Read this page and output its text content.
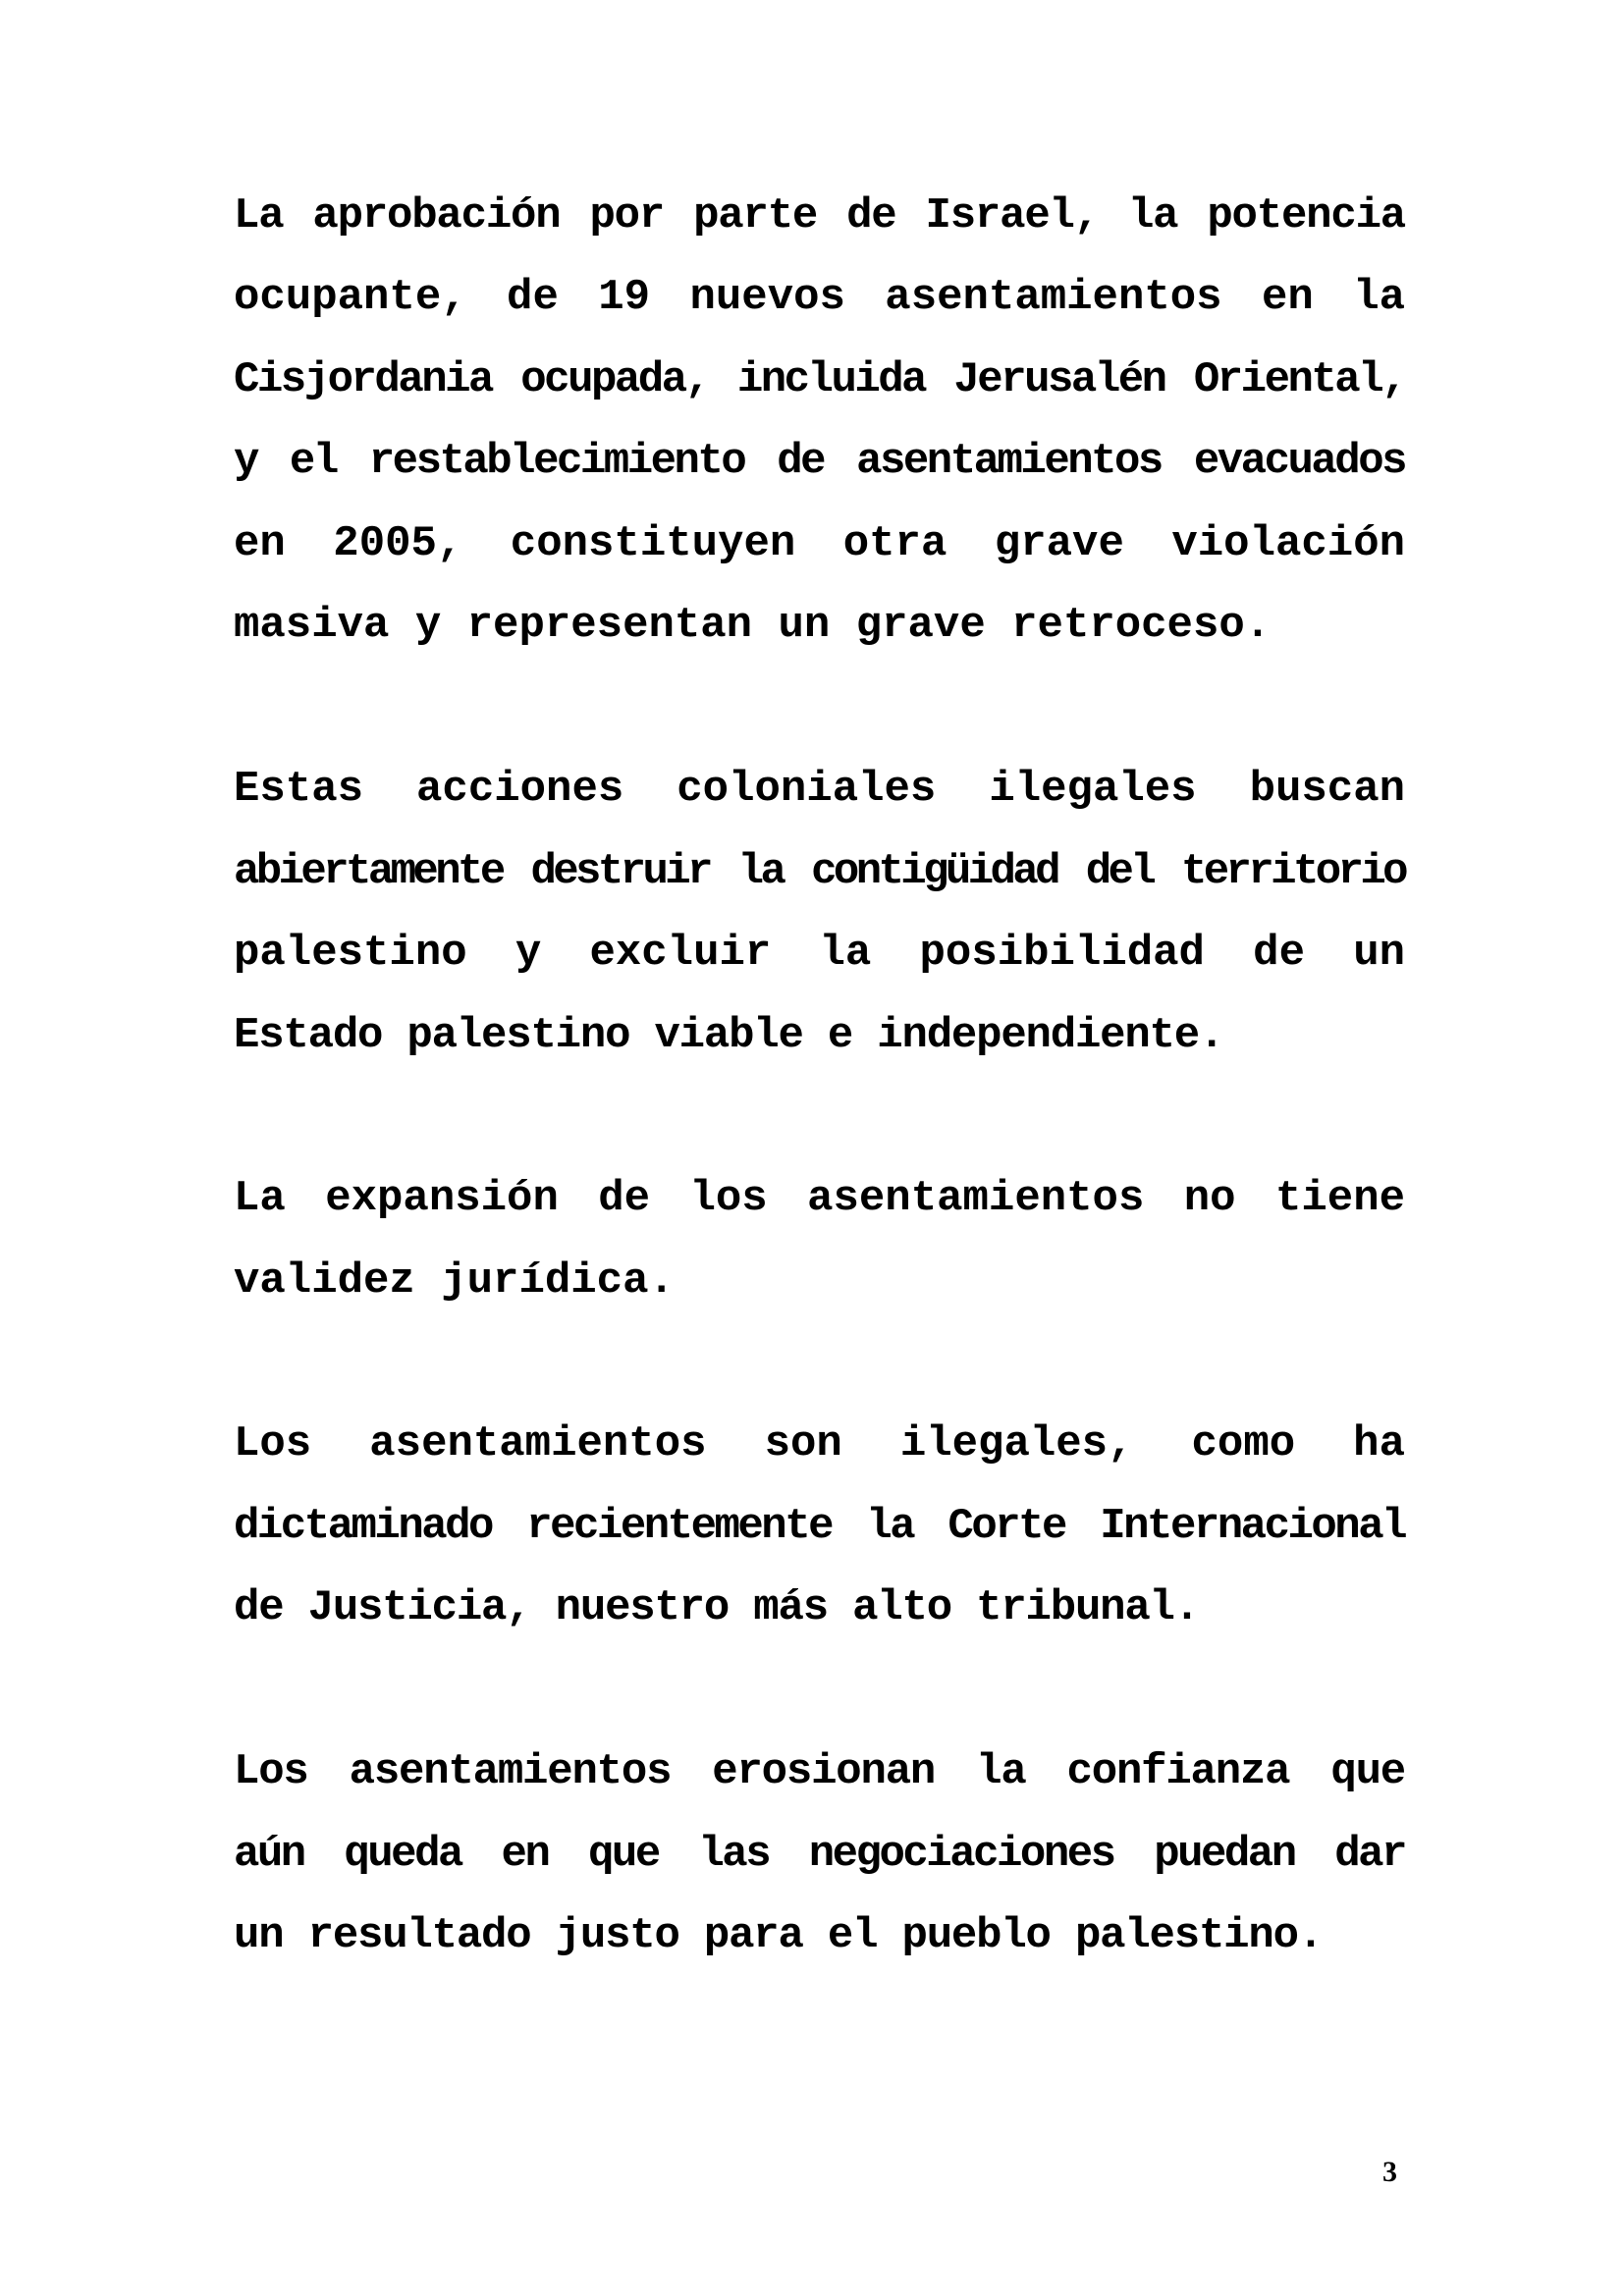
La aprobación por parte de Israel, la potencia
ocupante, de 19 nuevos asentamientos en la
Cisjordania ocupada, incluida Jerusalén Oriental,
y el restablecimiento de asentamientos evacuados
en 2005, constituyen otra grave violación
masiva y representan un grave retroceso.
Estas acciones coloniales ilegales buscan
abiertamente destruir la contigüidad del territorio
palestino y excluir la posibilidad de un
Estado palestino viable e independiente.
La expansión de los asentamientos no tiene
validez jurídica.
Los asentamientos son ilegales, como ha
dictaminado recientemente la Corte Internacional
de Justicia, nuestro más alto tribunal.
Los asentamientos erosionan la confianza que
aún queda en que las negociaciones puedan dar
un resultado justo para el pueblo palestino.
3
